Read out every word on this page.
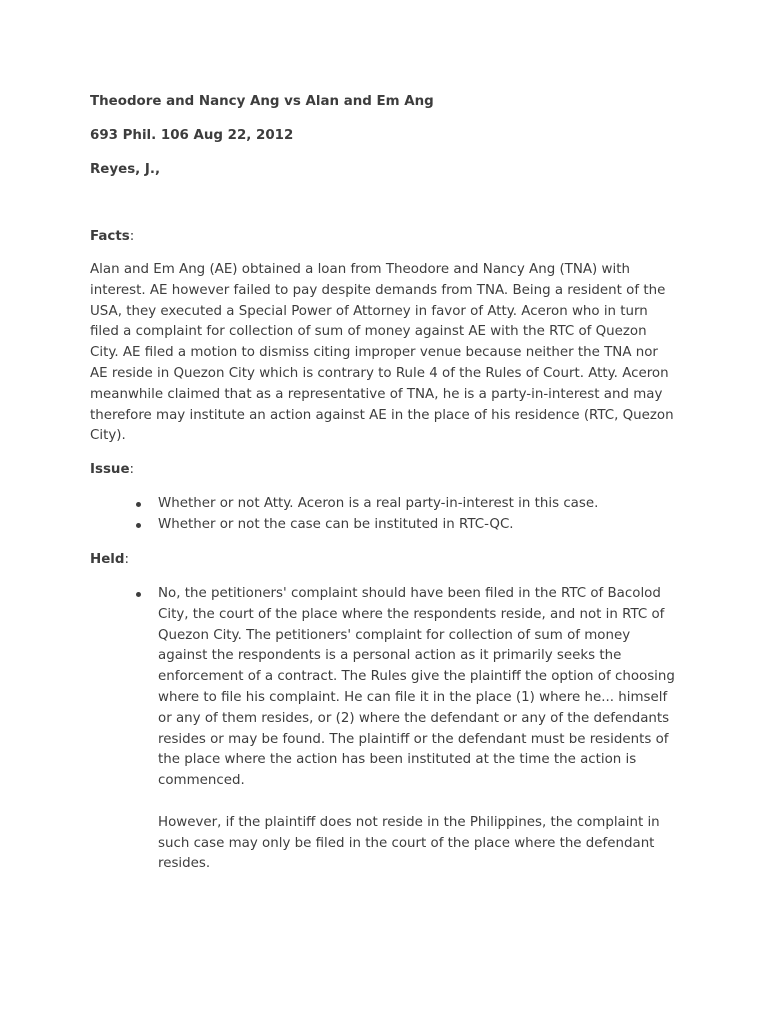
Theodore and Nancy Ang vs Alan and Em Ang
693 Phil. 106 Aug 22, 2012
Reyes, J.,
Facts:

Alan and Em Ang (AE) obtained a loan from Theodore and Nancy Ang (TNA) with interest. AE however failed to pay despite demands from TNA. Being a resident of the USA, they executed a Special Power of Attorney in favor of Atty. Aceron who in turn filed a complaint for collection of sum of money against AE with the RTC of Quezon City. AE filed a motion to dismiss citing improper venue because neither the TNA nor AE reside in Quezon City which is contrary to Rule 4 of the Rules of Court. Atty. Aceron meanwhile claimed that as a representative of TNA, he is a party-in-interest and may therefore may institute an action against AE in the place of his residence (RTC, Quezon City).

Issue:
Whether or not Atty. Aceron is a real party-in-interest in this case.
Whether or not the case can be instituted in RTC-QC.
Held:

No, the petitioners' complaint should have been filed in the RTC of Bacolod City, the court of the place where the respondents reside, and not in RTC of Quezon City. The petitioners' complaint for collection of sum of money against the respondents is a personal action as it primarily seeks the enforcement of a contract. The Rules give the plaintiff the option of choosing where to file his complaint. He can file it in the place (1) where he... himself or any of them resides, or (2) where the defendant or any of the defendants resides or may be found. The plaintiff or the defendant must be residents of the place where the action has been instituted at the time the action is commenced.

However, if the plaintiff does not reside in the Philippines, the complaint in such case may only be filed in the court of the place where the defendant resides.
